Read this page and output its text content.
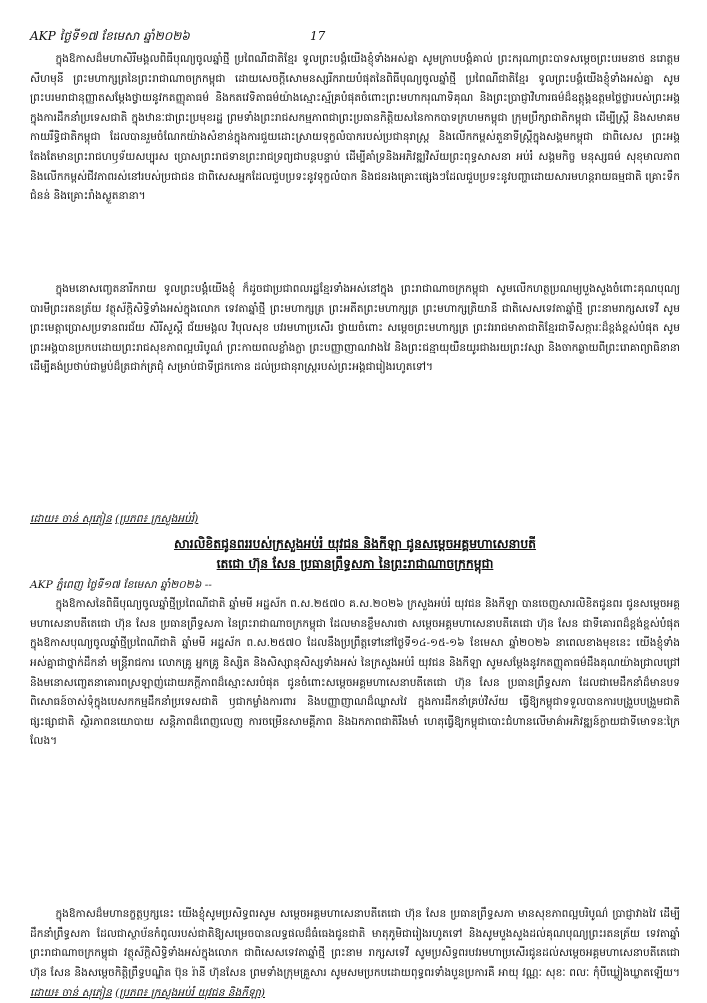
AKP ថ្ងៃទី១៧ ខែមេសា ឆ្នាំ២០២៦	17

ក្នុងឱកាសដ៏មហាសិរីមង្គលពិធីបុណ្យចូលឆ្នាំថ្មី ប្រពៃណីជាតិខ្មែរ ទូលព្រះបង្គំយើងខ្ញុំទាំងអស់គ្នា សូមក្រាបបង្គំគាល់ ព្រះករុណាព្រះបាទសម្តេចព្រះបរមនាថ នរោត្តម សីហមុនី ព្រះមហាក្សត្រនៃព្រះរាជាណាចក្រកម្ពុជា ដោយសេចក្តីសោមនស្សរីករាយបំផុតនៃពិធីបុណ្យចូលឆ្នាំថ្មី ប្រពៃណីជាតិខ្មែរ ទូលព្រះបង្គំយើងខ្ញុំទាំងអស់គ្នា សូមព្រះបរមរាជានុញ្ញាតសម្តែងថ្វាយនូវកតញ្ញុតាធម៌ និងកតវេទិតាធម៌យ៉ាងស្មោះស្ម័គ្របំផុតចំពោះព្រះមហាករុណាទិគុណ និងព្រះប្រាជ្ញាវិហារធម៌ដ៏ឧត្តុង្គឧត្តមថ្លៃថ្លារបស់ព្រះអង្គ ក្នុងការដឹកនាំប្រទេសជាតិ ក្នុងឋានៈជាព្រះប្រមុខរដ្ឋ ព្រមទាំងព្រះរាជសកម្មភាពជាព្រះប្រធានកិត្តិយសនៃកាកបាទក្រហមកម្ពុជា ក្រុមប្រឹក្សាជាតិកម្ពុជា ដើម្បីស្ត្រី និងសមាគមកាយរឹទ្ធិជាតិកម្ពុជា ដែលបានរួមចំណែកយ៉ាងសំខាន់ក្នុងការជួយដោះស្រាយទុក្ខលំបាករបស់ប្រជានុរាស្ត្រ និងលើកកម្ពស់តួនាទីស្ត្រីក្នុងសង្គមកម្ពុជា ជាពិសេស ព្រះអង្គតែងតែមានព្រះរាជហឫទ័យសប្បុរស ប្រោសព្រះរាជទានព្រះរាជទ្រព្យជាបន្តបន្ទាប់ ដើម្បីគាំទ្រនិងអភិវឌ្ឍវិស័យព្រះពុទ្ធសាសនា អប់រំ សង្គមកិច្ច មនុស្សធម៌ សុខុមាលភាព និងលើកកម្ពស់ជីវភាពរស់នៅរបស់ប្រជាជន ជាពិសេសអ្នកដែលជួបប្រទះនូវទុក្ខលំបាក និងជនរងគ្រោះផ្សេងៗដែលជួបប្រទះនូវបញ្ហាដោយសារមហន្តរាយធម្មជាតិ គ្រោះទឹកជំនន់ និងគ្រោះរាំងស្ងួតនានា។

ក្នុងមនោសញ្ចេតនារីករាយ ទូលព្រះបង្គំយើងខ្ញុំ ក៏ដូចជាប្រជាពលរដ្ឋខ្មែរទាំងអស់នៅក្នុង ព្រះរាជាណាចក្រកម្ពុជា សូមលើកហត្ថប្រណម្យបួងសួងចំពោះគុណបុណ្យបារមីព្រះរតនត្រ័យ វត្ថុស័ក្តិសិទ្ធិទាំងអស់ក្នុងលោក ទេវតាឆ្នាំថ្មី ព្រះមហាក្សត្រ ព្រះអតីតព្រះមហាក្សត្រ ព្រះមហាក្សត្រិយានី ជាតិសេសទេវតាឆ្នាំថ្មី ព្រះនាមរាក្សសទេវី សូមព្រះមេត្តាប្រោសប្រទានពរជ័យ សិរីសួស្តី ជ័យមង្គល វិបុលសុខ បវរមហាប្រសើរ ថ្វាយចំពោះ សម្តេចព្រះមហាក្សត្រ ព្រះវររាជមាតាជាតិខ្មែរជាទីសក្ការៈដ៏ខ្ពង់ខ្ពស់បំផុត សូមព្រះអង្គបានប្រកបដោយព្រះរាជសុខភាពល្អបរិបូណ៌ ព្រះកាយពលខ្លាំងក្លា ព្រះបញ្ញាញាណវាងវៃ និងព្រះជន្មាយុយឺនយូរជាងរយព្រះវស្សា និងចាកឆ្ងាយពីព្រះរោគាព្យាធិនានា ដើម្បីគង់ប្រថាប់ជាម្លប់ដ៏ត្រជាក់ត្រជុំ សម្រាប់ជាទីជ្រកកោន ដល់ប្រជានុរាស្ត្ររបស់ព្រះអង្គជារៀងរហូតទៅ។

ដោយ៖ ចាន់ សុភៀន (ប្រភព៖ ក្រសួងអប់រំ)

សារលិខិតជូនពររបស់ក្រសួងអប់រំ យុវជន និងកីឡា ជូនសម្តេចអគ្គមហាសេនាបតី
តេជោ ហ៊ុន សែន ប្រធានព្រឹទ្ធសភា នៃព្រះរាជាណាចក្រកម្ពុជា

AKP ភ្នំពេញ ថ្ងៃទី១៧ ខែមេសា ឆ្នាំ២០២៦ --

ក្នុងឱកាសនៃពិធីបុណ្យចូលឆ្នាំថ្មីប្រពៃណីជាតិ ឆ្នាំមមី អដ្ឋស័ក ព.ស.២៥៧០ គ.ស.២០២៦ ក្រសួងអប់រំ យុវជន និងកីឡា បានចេញសារលិខិតជូនពរ ជូនសម្តេចអគ្គមហាសេនាបតីតេជោ ហ៊ុន សែន ប្រធានព្រឹទ្ធសភា នៃព្រះរាជាណាចក្រកម្ពុជា ដែលមានខ្លឹមសារថា សម្តេចអគ្គមហាសេនាបតីតេជោ ហ៊ុន សែន ជាទីគោរពដ៏ខ្ពង់ខ្ពស់បំផុត ក្នុងឱកាសបុណ្យចូលឆ្នាំថ្មីប្រពៃណីជាតិ ឆ្នាំមមី អដ្ឋស័ក ព.ស.២៥៧០ ដែលនឹងប្រព្រឹត្តទៅនៅថ្ងៃទី១៤-១៥-១៦ ខែមេសា ឆ្នាំ២០២៦ នាពេលខាងមុខនេះ យើងខ្ញុំទាំងអស់គ្នាជាថ្នាក់ដឹកនាំ មន្ត្រីរាជការ លោកគ្រូ អ្នកគ្រូ និស្សិត និងសិស្សានុសិស្សទាំងអស់ នៃក្រសួងអប់រំ យុវជន និងកីឡា សូមសម្តែងនូវកតញ្ញុតាធម៌ដឹងគុណយ៉ាងជ្រាលជ្រៅ និងមនោសញ្ចេតនាគោរពស្រឡាញ់ដោយភក្តីភាពដ៏ស្មោះសរបំផុត ជូនចំពោះសម្តេចអគ្គមហាសេនាបតីតេជោ ហ៊ុន សែន ប្រធានព្រឹទ្ធសភា ដែលជាមេដឹកនាំដ៏មានបទពិសោធន៍ចាស់ទុំក្នុងបេសកកម្មដឹកនាំប្រទេសជាតិ ឫជាកម្លាំងការពារ និងបញ្ញាញាណដ៏ឈ្លាសវៃ ក្នុងការដឹកនាំគ្រប់វិស័យ ធ្វើឱ្យកម្ពុជាទទួលបានការបង្រួបបង្រួមជាតិ ផ្សះផ្សាជាតិ ស្ថិរភាពនយោបាយ សន្តិភាពដ៏ពេញលេញ ការចម្រើនសាមគ្គីភាព និងឯកភាពជាតិរឹងមាំ ហេតុធ្វើឱ្យកម្ពុជាបោះជំហានលើមាគ៌ាអភិវឌ្ឍន៍ក្លាយជាទីមោទនៈក្រៃលែង។

ក្នុងឱកាសដ៏មហានក្ខត្តឫក្សនេះ យើងខ្ញុំសូមប្រសិទ្ធពរសូម សម្តេចអគ្គមហាសេនាបតីតេជោ ហ៊ុន សែន ប្រធានព្រឹទ្ធសភា មានសុខភាពល្អបរិបូណ៌ ប្រាជ្ញាវាងវៃ ដើម្បីដឹកនាំព្រឹទ្ធសភា ដែលជាស្ថាប័នកំពូលរបស់ជាតិឱ្យសម្រេចបានលទ្ធផលដ៏ធំធេងជូនជាតិ មាតុភូមិជារៀងរហូតទៅ និងសូមបួងសួងដល់គុណបុណ្យព្រះរតនត្រ័យ ទេវតាឆ្នាំព្រះរាជាណាចក្រកម្ពុជា វត្ថុស័ក្តិសិទ្ធិទាំងអស់ក្នុងលោក ជាពិសេសទេវតាឆ្នាំថ្មី ព្រះនាម រាក្សសទេវី សូមប្រសិទ្ធពរបវរមហាប្រសើរជូនដល់សម្តេចអគ្គមហាសេនាបតីតេជោ ហ៊ុន សែន និងសម្តេចកិត្តិព្រឹទ្ធបណ្ឌិត ប៊ុន រ៉ានី ហ៊ុនសែន ព្រមទាំងក្រុមគ្រួសារ សូមសមប្រកបដោយពុទ្ធពរទាំងបួនប្រការគឺ អាយុ វណ្ណៈ សុខៈ ពលៈ កុំបីឃ្លៀងឃ្លាតឡើយ។ ដោយ៖ ចាន់ សុភៀន (ប្រភព៖ ក្រសួងអប់រំ យុវជន និងកីឡា)
